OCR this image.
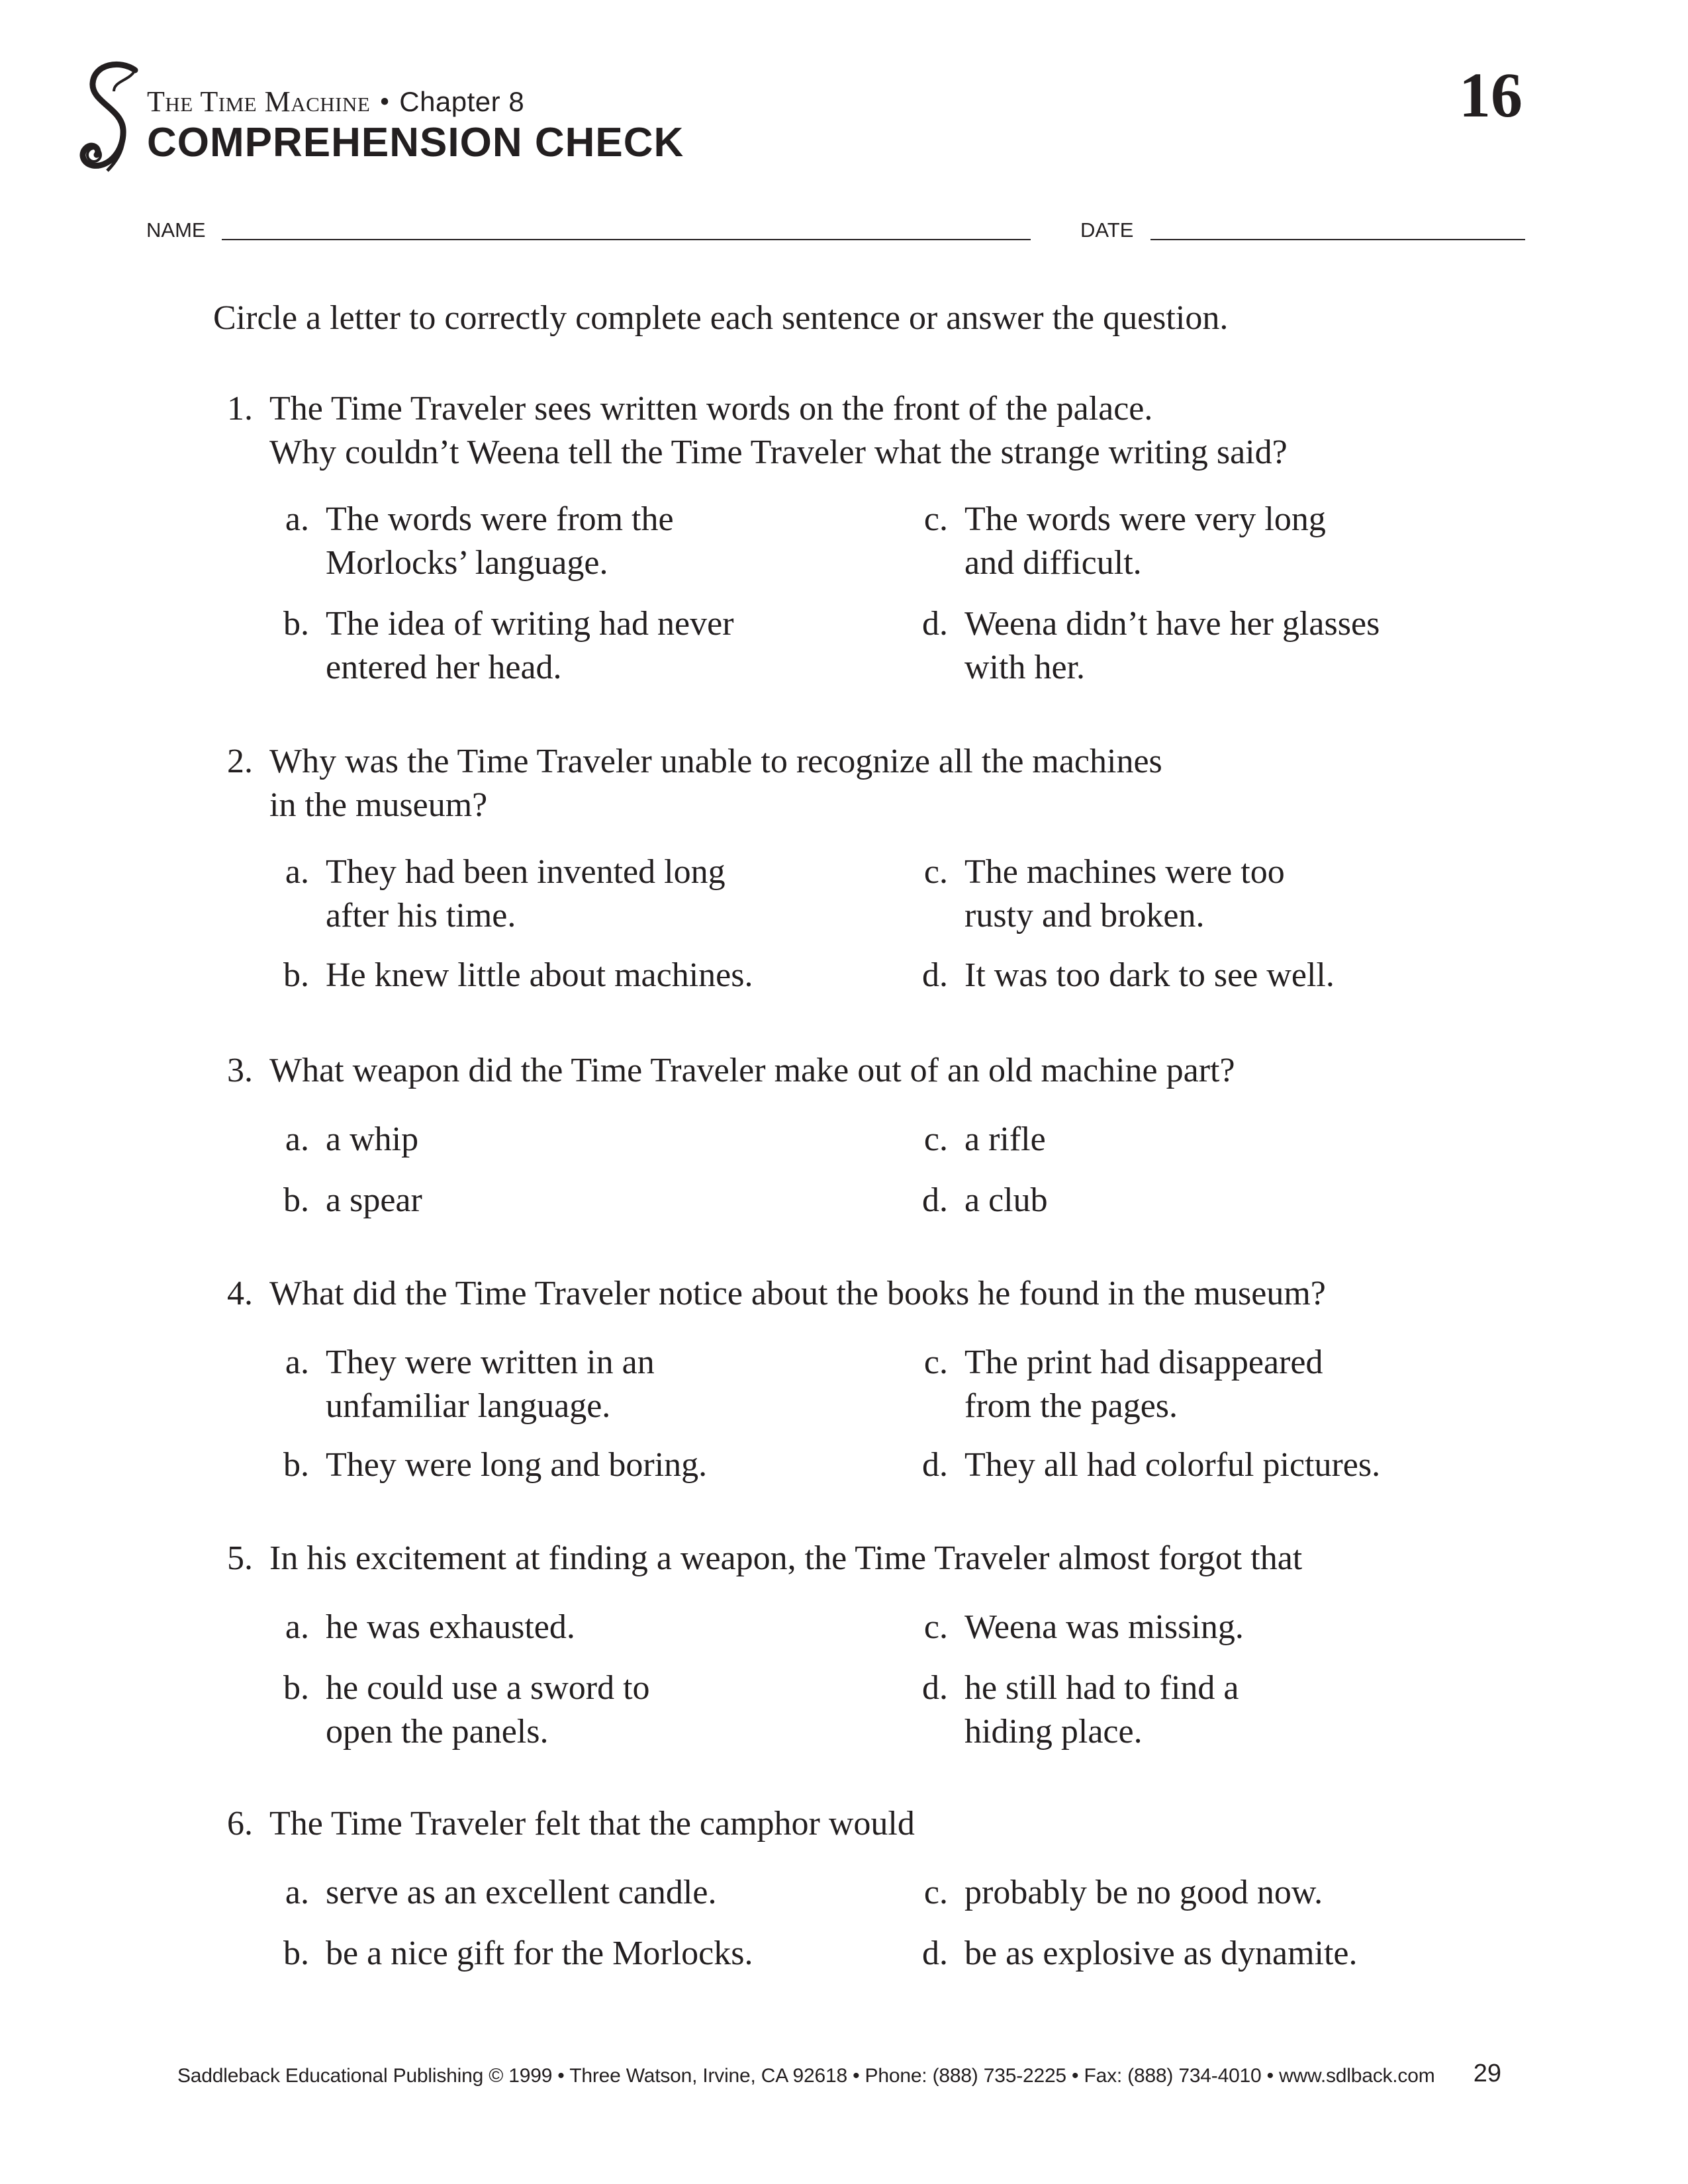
The Time Machine • Chapter 8
COMPREHENSION CHECK
16
NAME	DATE
Circle a letter to correctly complete each sentence or answer the question.
1. The Time Traveler sees written words on the front of the palace.
Why couldn’t Weena tell the Time Traveler what the strange writing said?
a. The words were from the
Morlocks’ language.
b. The idea of writing had never
entered her head.
c. The words were very long
and difficult.
d. Weena didn’t have her glasses
with her.
2. Why was the Time Traveler unable to recognize all the machines
in the museum?
a. They had been invented long
after his time.
b. He knew little about machines.
c. The machines were too
rusty and broken.
d. It was too dark to see well.
3. What weapon did the Time Traveler make out of an old machine part?
a. a whip
b. a spear
c. a rifle
d. a club
4. What did the Time Traveler notice about the books he found in the museum?
a. They were written in an
unfamiliar language.
b. They were long and boring.
c. The print had disappeared
from the pages.
d. They all had colorful pictures.
5. In his excitement at finding a weapon, the Time Traveler almost forgot that
a. he was exhausted.
b. he could use a sword to
open the panels.
c. Weena was missing.
d. he still had to find a
hiding place.
6. The Time Traveler felt that the camphor would
a. serve as an excellent candle.
b. be a nice gift for the Morlocks.
c. probably be no good now.
d. be as explosive as dynamite.
Saddleback Educational Publishing © 1999 • Three Watson, Irvine, CA 92618 • Phone: (888) 735-2225 • Fax: (888) 734-4010 • www.sdlback.com 29
